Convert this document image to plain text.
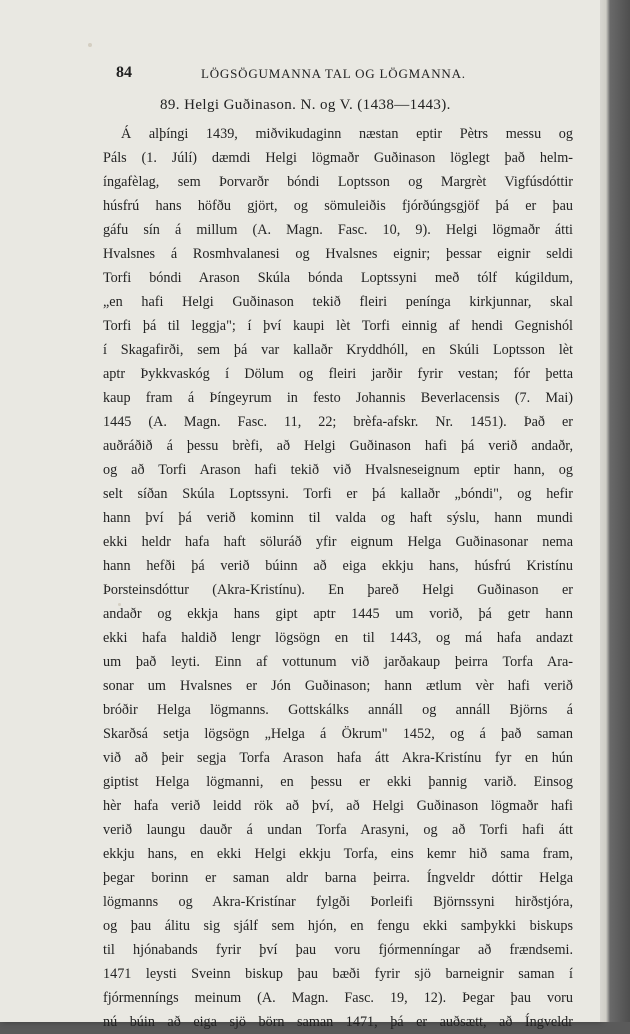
84	LÖGSÖGUMANNA TAL OG LÖGMANNA.
89. Helgi Guðinason. N. og V. (1438—1443).
Á alþíngi 1439, miðvikudaginn næstan eptir Pètrs messu og
Páls (1. Júlí) dæmdi Helgi lögmaðr Guðinason löglegt það helm-
íngafèlag, sem Þorvarðr bóndi Loptsson og Margrèt Vigfúsdóttir
húsfrú hans höfðu gjört, og sömuleiðis fjórðúngsgjöf þá er þau
gáfu sín á millum (A. Magn. Fasc. 10, 9). Helgi lögmaðr átti
Hvalsnes á Rosmhvalanesi og Hvalsnes eignir; þessar eignir seldi
Torfi bóndi Arason Skúla bónda Loptssyni með tólf kúgildum,
„en hafi Helgi Guðinason tekið fleiri penínga kirkjunnar, skal
Torfi þá til leggja"; í því kaupi lèt Torfi einnig af hendi Gegnishól
í Skagafirði, sem þá var kallaðr Kryddhóll, en Skúli Loptsson lèt
aptr Þykkvaskóg í Dölum og fleiri jarðir fyrir vestan; fór þetta
kaup fram á Þíngeyrum in festo Johannis Beverlacensis (7. Mai)
1445 (A. Magn. Fasc. 11, 22; brèfa-afskr. Nr. 1451). Það er
auðráðið á þessu brèfi, að Helgi Guðinason hafi þá verið andaðr,
og að Torfi Arason hafi tekið við Hvalsneseignum eptir hann, og
selt síðan Skúla Loptssyni. Torfi er þá kallaðr „bóndi", og hefir
hann því þá verið kominn til valda og haft sýslu, hann mundi
ekki heldr hafa haft söluráð yfir eignum Helga Guðinasonar nema
hann hefði þá verið búinn að eiga ekkju hans, húsfrú Kristínu
Þorsteinsdóttur (Akra-Kristínu). En þareð Helgi Guðinason er
andaðr og ekkja hans gipt aptr 1445 um vorið, þá getr hann
ekki hafa haldið lengr lögsögn en til 1443, og má hafa andazt
um það leyti. Einn af vottunum við jarðakaup þeirra Torfa Ara-
sonar um Hvalsnes er Jón Guðinason; hann ætlum vèr hafi verið
bróðir Helga lögmanns. Gottskálks annáll og annáll Björns á
Skarðsá setja lögsögn „Helga á Ökrum" 1452, og á það saman
við að þeir segja Torfa Arason hafa átt Akra-Kristínu fyr en hún
giptist Helga lögmanni, en þessu er ekki þannig varið. Einsog
hèr hafa verið leidd rök að því, að Helgi Guðinason lögmaðr hafi
verið laungu dauðr á undan Torfa Arasyni, og að Torfi hafi átt
ekkju hans, en ekki Helgi ekkju Torfa, eins kemr hið sama fram,
þegar borinn er saman aldr barna þeirra. Íngveldr dóttir Helga
lögmanns og Akra-Kristínar fylgði Þorleifi Björnssyni hirðstjóra,
og þau álitu sig sjálf sem hjón, en fengu ekki samþykki biskups
til hjónabands fyrir því þau voru fjórmenníngar að frændsemi.
1471 leysti Sveinn biskup þau bæði fyrir sjö barneignir saman í
fjórmenníngs meinum (A. Magn. Fasc. 19, 12). Þegar þau voru
nú búin að eiga sjö börn saman 1471, þá er auðsætt, að Íngveldr
